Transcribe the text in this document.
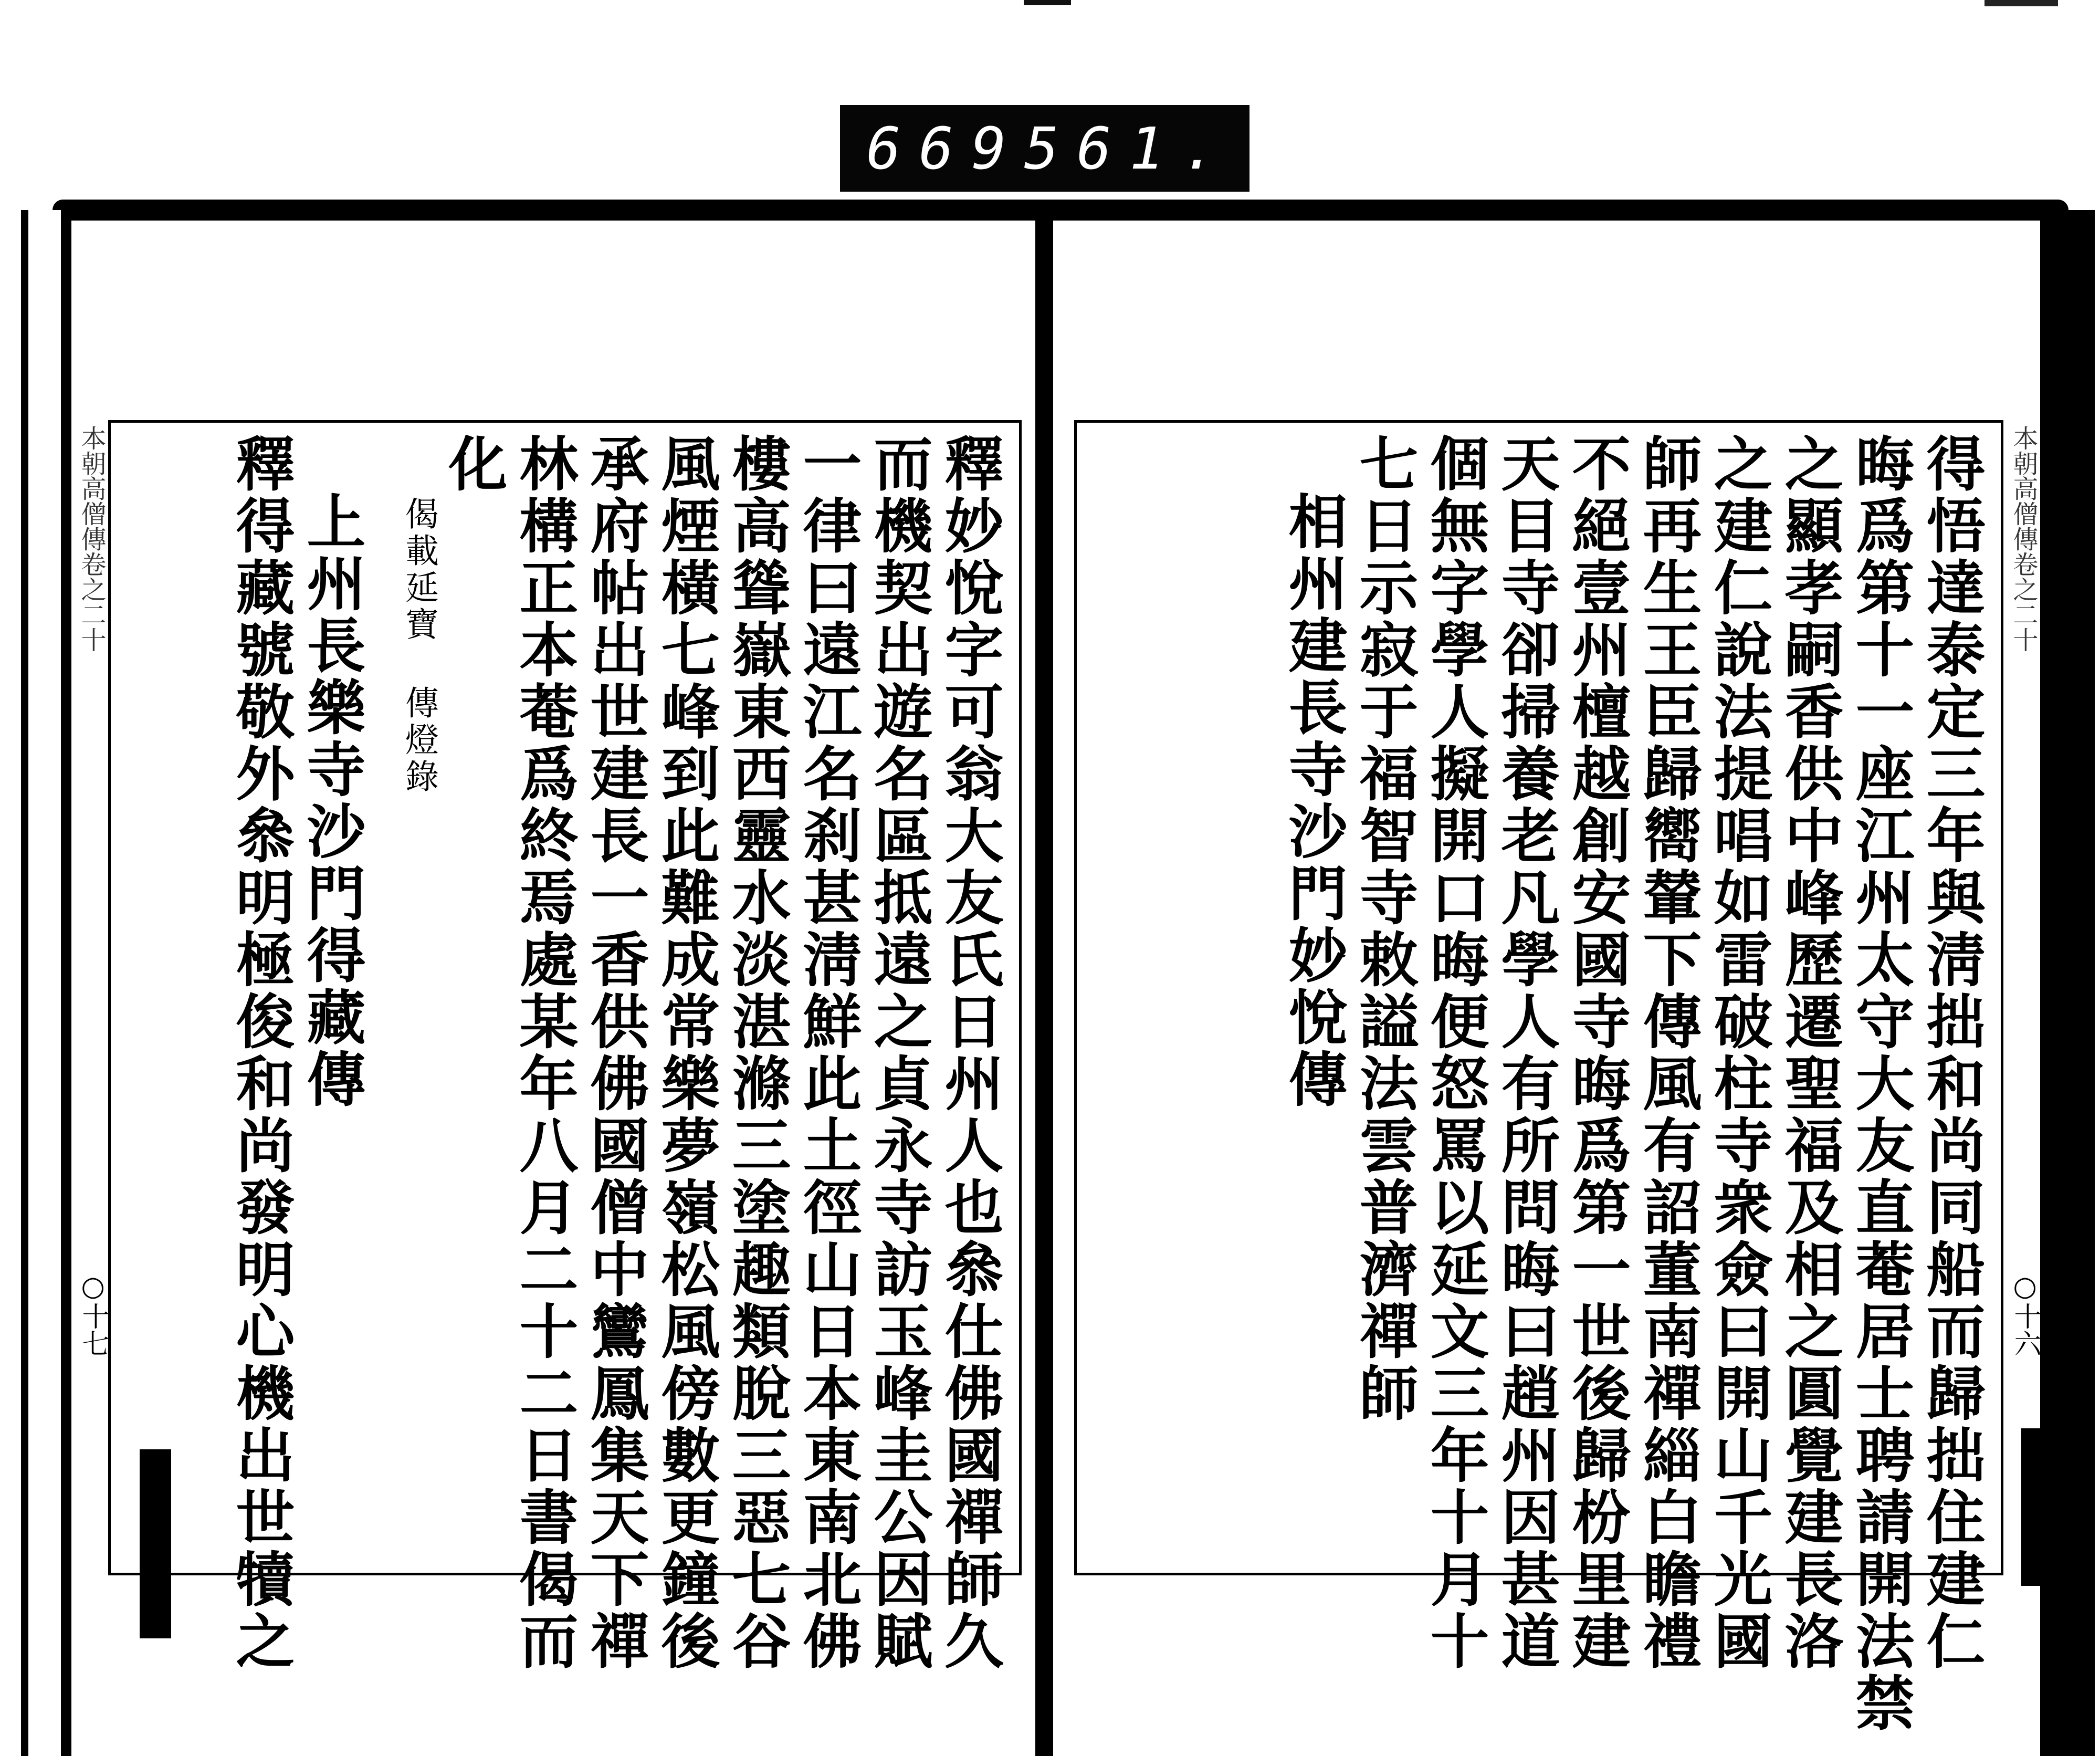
669 561.
本朝高僧傳卷之二十
○十七	釋妙悅字可翁大友氏日州人也叅仕佛國禪師久
而機契出遊名區抵遠之貞永寺訪玉峰圭公因賦
一律曰遠江名刹甚淸鮮此土徑山日本東南北佛
樓高聳嶽東西靈水淡湛滌三塗趣類脫三惡七谷
風煙橫七峰到此難成常樂夢嶺松風傍數更鐘後
承府帖出世建長一香供佛國僧中鸞鳳集天下禪
林構正本菴爲終焉處某年八月二十二日書偈而
化
偈載延寶 傳燈錄
上州長樂寺沙門得藏傳
釋得藏號敬外叅明極俊和尚發明心機出世犢之	得悟達泰定三年與淸拙和尚同船而歸拙住建仁
晦爲第十一座江州太守大友直菴居士聘請開法禁
之顯孝嗣香供中峰歷遷聖福及相之圓覺建長洛
之建仁說法提唱如雷破柱寺衆僉曰開山千光國
師再生王臣歸嚮輦下傳風有詔董南禪緇白瞻禮
不絕壹州檀越創安國寺晦爲第一世後歸枌里建
天目寺卻掃養老凡學人有所問晦曰趙州因甚道
個無字學人擬開口晦便怒罵以延文三年十月十
七日示寂于福智寺敕謚法雲普濟禪師
相州建長寺沙門妙悅傳	本朝高僧傳卷之二十
○十六
